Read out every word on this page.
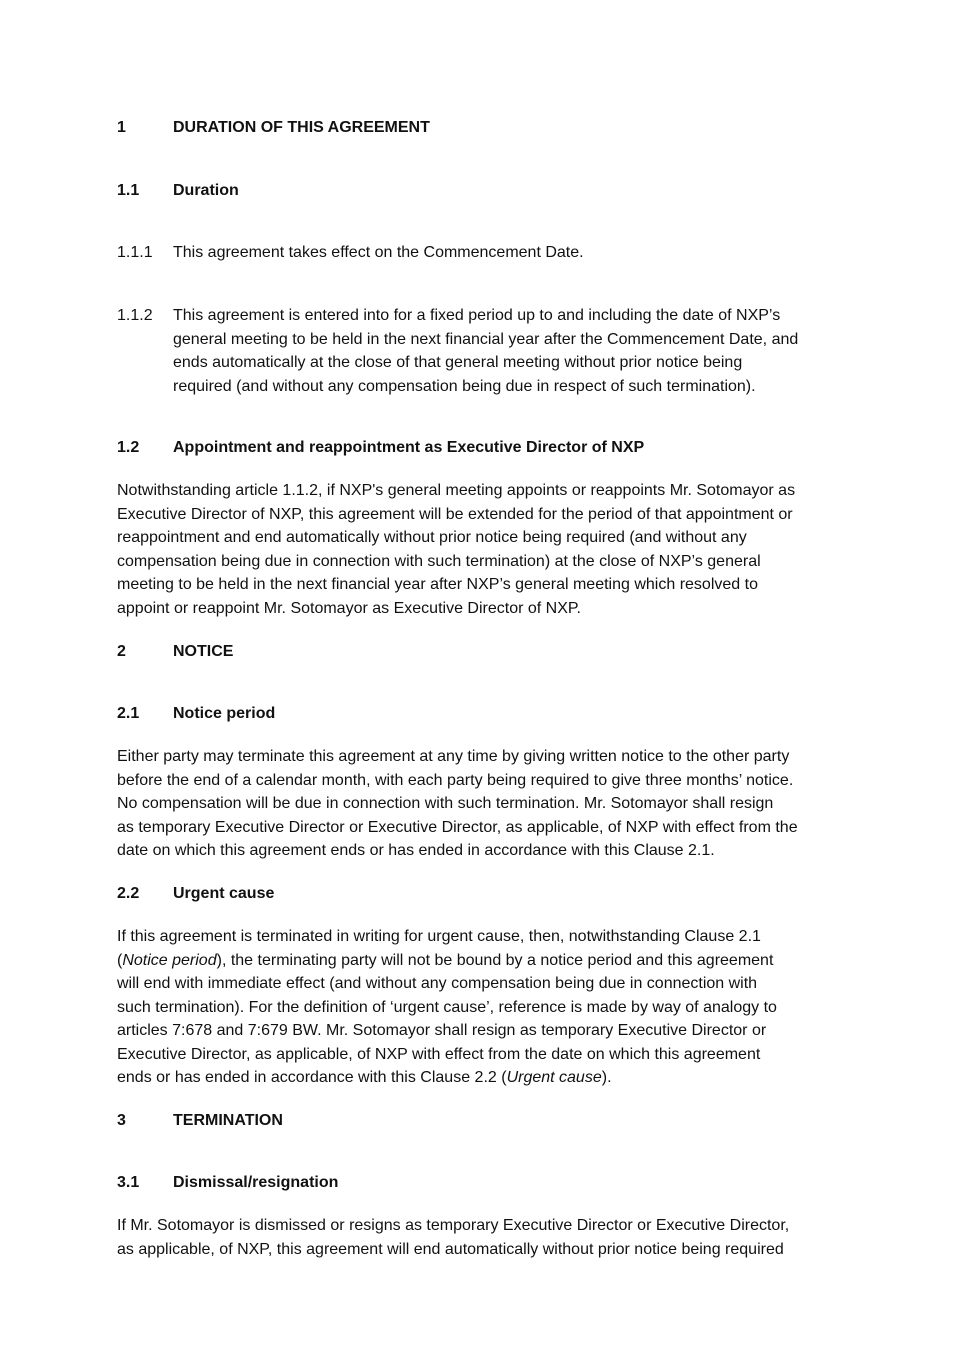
1	DURATION OF THIS AGREEMENT
1.1 Duration
1.1.1 This agreement takes effect on the Commencement Date.
1.1.2 This agreement is entered into for a fixed period up to and including the date of NXP’s
general meeting to be held in the next financial year after the Commencement Date, and
ends automatically at the close of that general meeting without prior notice being
required (and without any compensation being due in respect of such termination).
1.2 Appointment and reappointment as Executive Director of NXP
Notwithstanding article 1.1.2, if NXP's general meeting appoints or reappoints Mr. Sotomayor as
Executive Director of NXP, this agreement will be extended for the period of that appointment or
reappointment and end automatically without prior notice being required (and without any
compensation being due in connection with such termination) at the close of NXP’s general
meeting to be held in the next financial year after NXP’s general meeting which resolved to
appoint or reappoint Mr. Sotomayor as Executive Director of NXP.
2	NOTICE
2.1 Notice period
Either party may terminate this agreement at any time by giving written notice to the other party
before the end of a calendar month, with each party being required to give three months’ notice.
No compensation will be due in connection with such termination. Mr. Sotomayor shall resign
as temporary Executive Director or Executive Director, as applicable, of NXP with effect from the
date on which this agreement ends or has ended in accordance with this Clause 2.1.
2.2 Urgent cause
If this agreement is terminated in writing for urgent cause, then, notwithstanding Clause 2.1
(Notice period), the terminating party will not be bound by a notice period and this agreement
will end with immediate effect (and without any compensation being due in connection with
such termination). For the definition of ‘urgent cause’, reference is made by way of analogy to
articles 7:678 and 7:679 BW. Mr. Sotomayor shall resign as temporary Executive Director or
Executive Director, as applicable, of NXP with effect from the date on which this agreement
ends or has ended in accordance with this Clause 2.2 (Urgent cause).
3	TERMINATION
3.1 Dismissal/resignation
If Mr. Sotomayor is dismissed or resigns as temporary Executive Director or Executive Director,
as applicable, of NXP, this agreement will end automatically without prior notice being required
